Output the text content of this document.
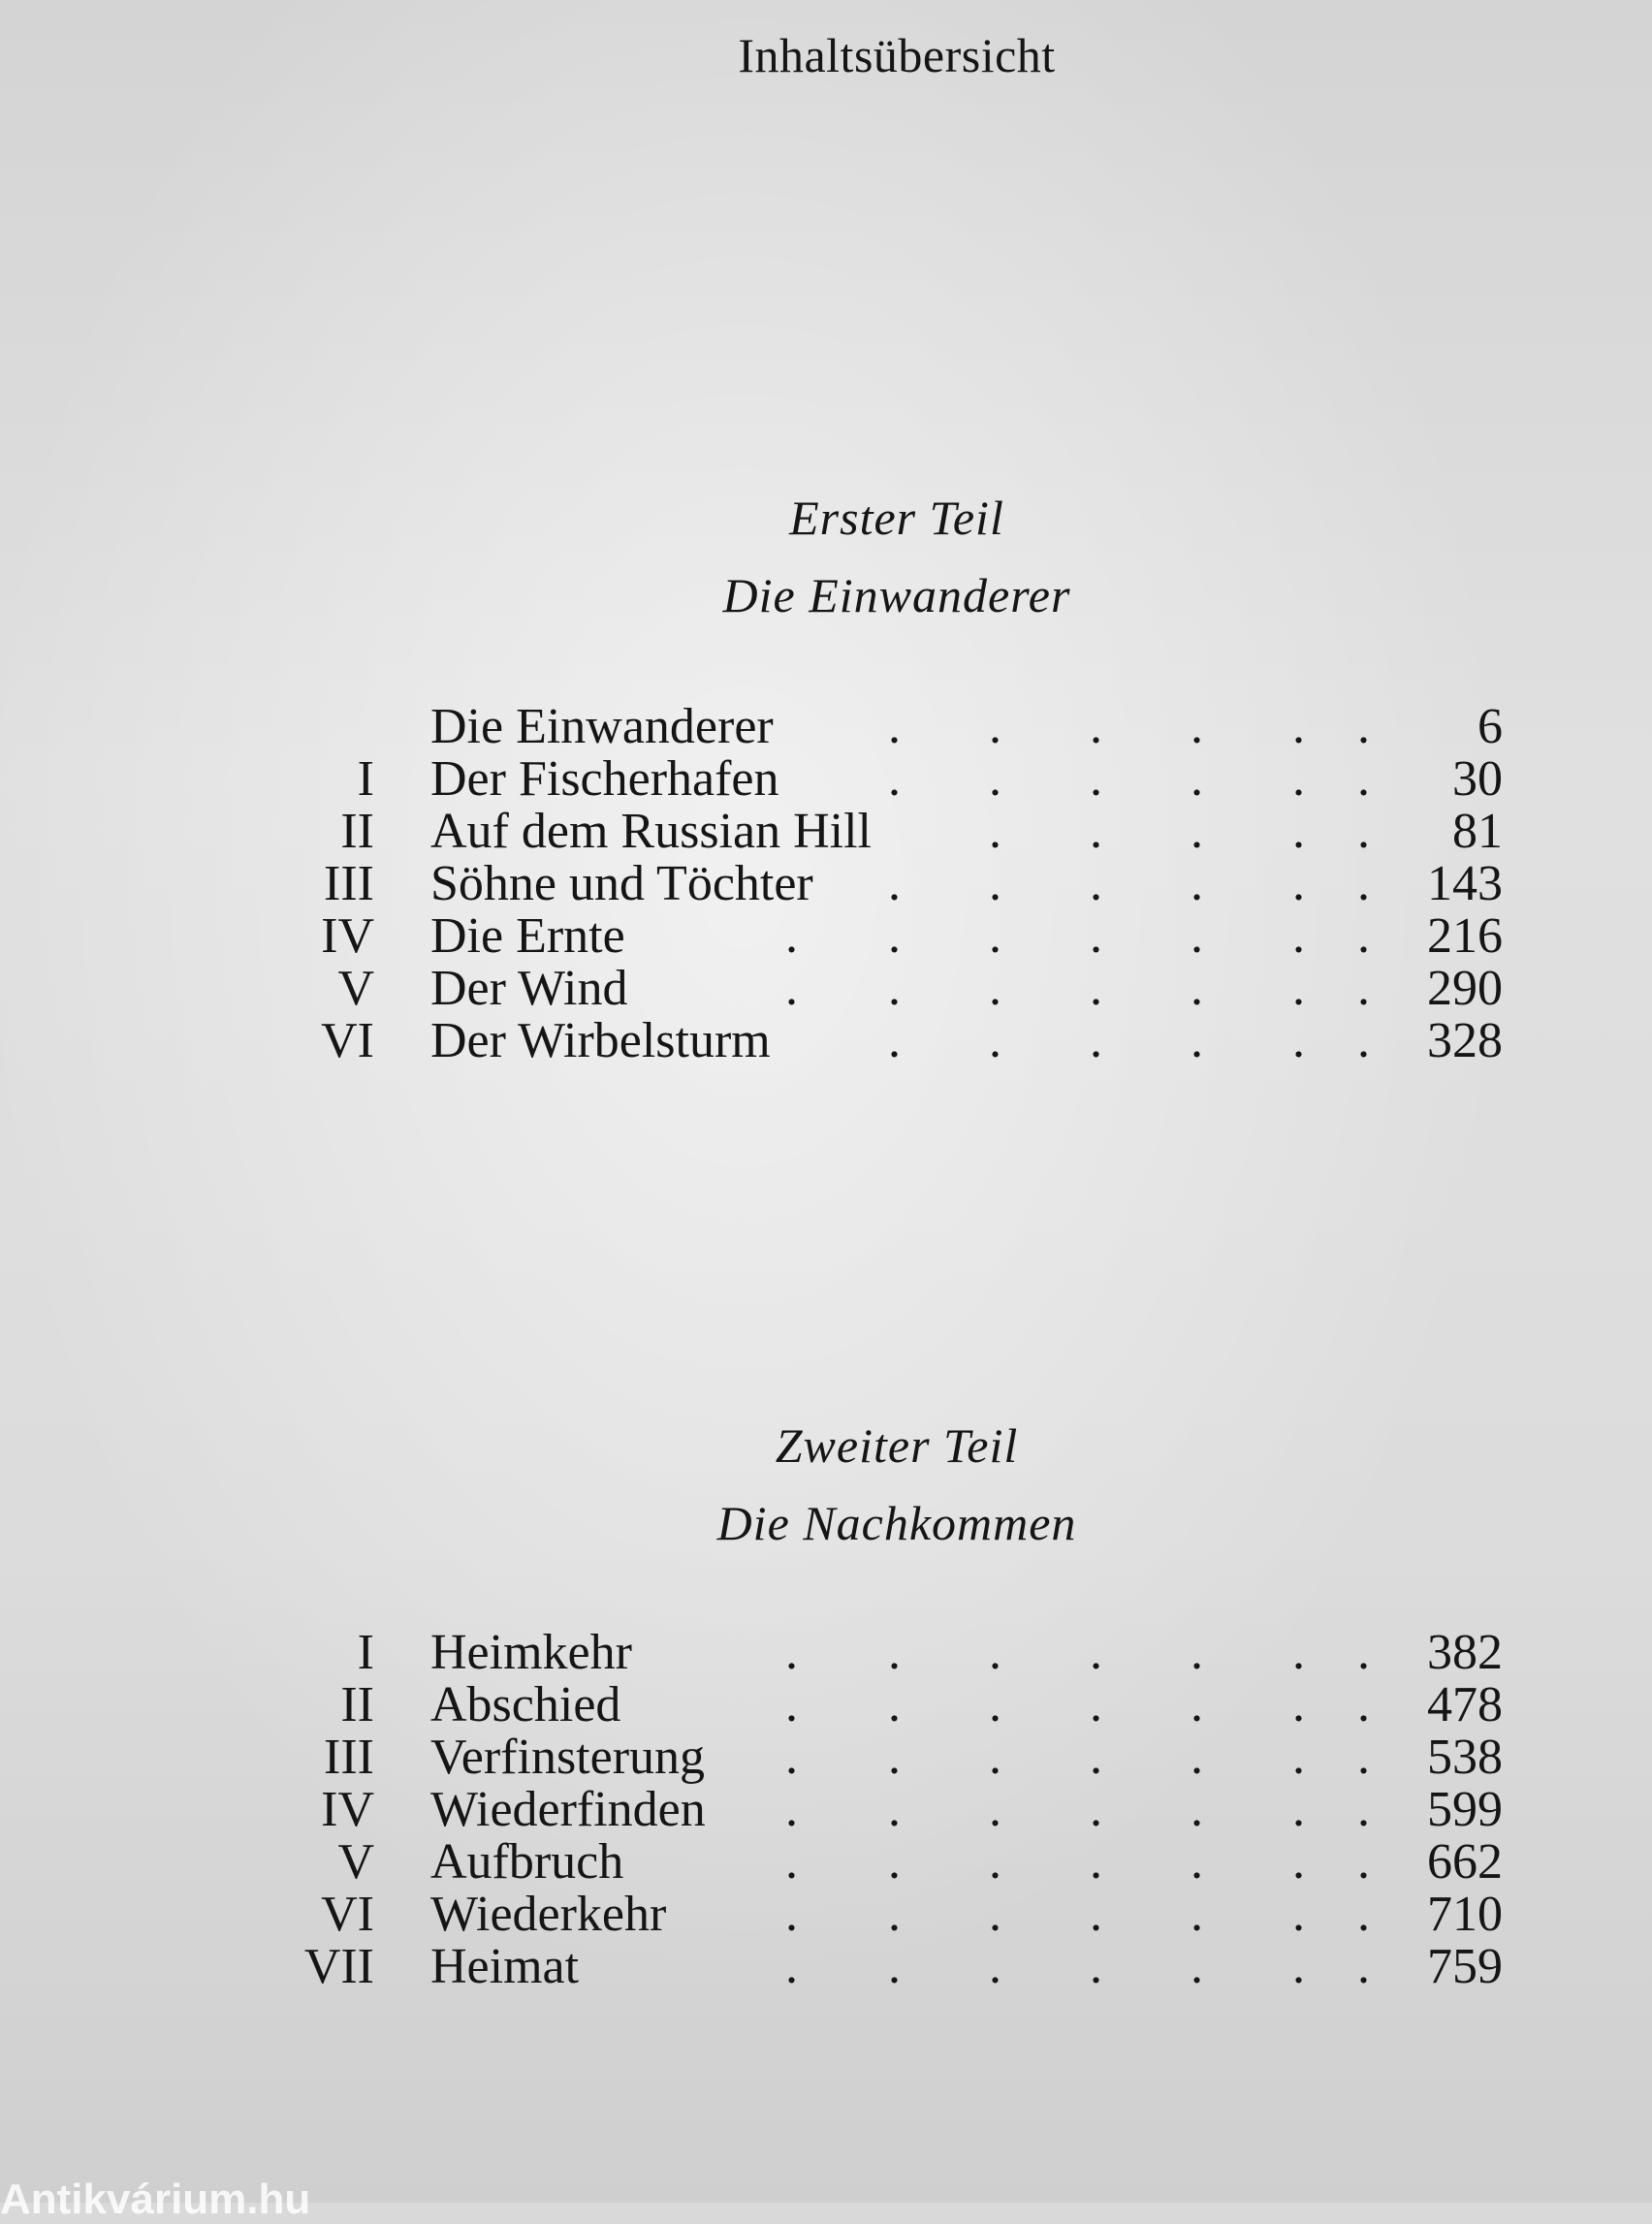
Inhaltsübersicht
Erster Teil
Die Einwanderer
. . . . . .
Die Einwanderer	6
. . . . . .
I Der Fischerhafen	30
. . . . .
II Auf dem Russian Hill	81
. . . . . .
III Söhne und Töchter	143
. . . . . . .
IV Die Ernte	216
. . . . . . .
V Der Wind	290
. . . . . .
VI Der Wirbelsturm	328
Zweiter Teil
Die Nachkommen
. . . . . . .
I Heimkehr	382
. . . . . . .
II Abschied	478
. . . . . . .
III Verfinsterung	538
. . . . . . .
IV Wiederfinden	599
. . . . . . .
V Aufbruch	662
. . . . . . .
VI Wiederkehr	710
. . . . . . .
VII Heimat	759
Antikvárium.hu
